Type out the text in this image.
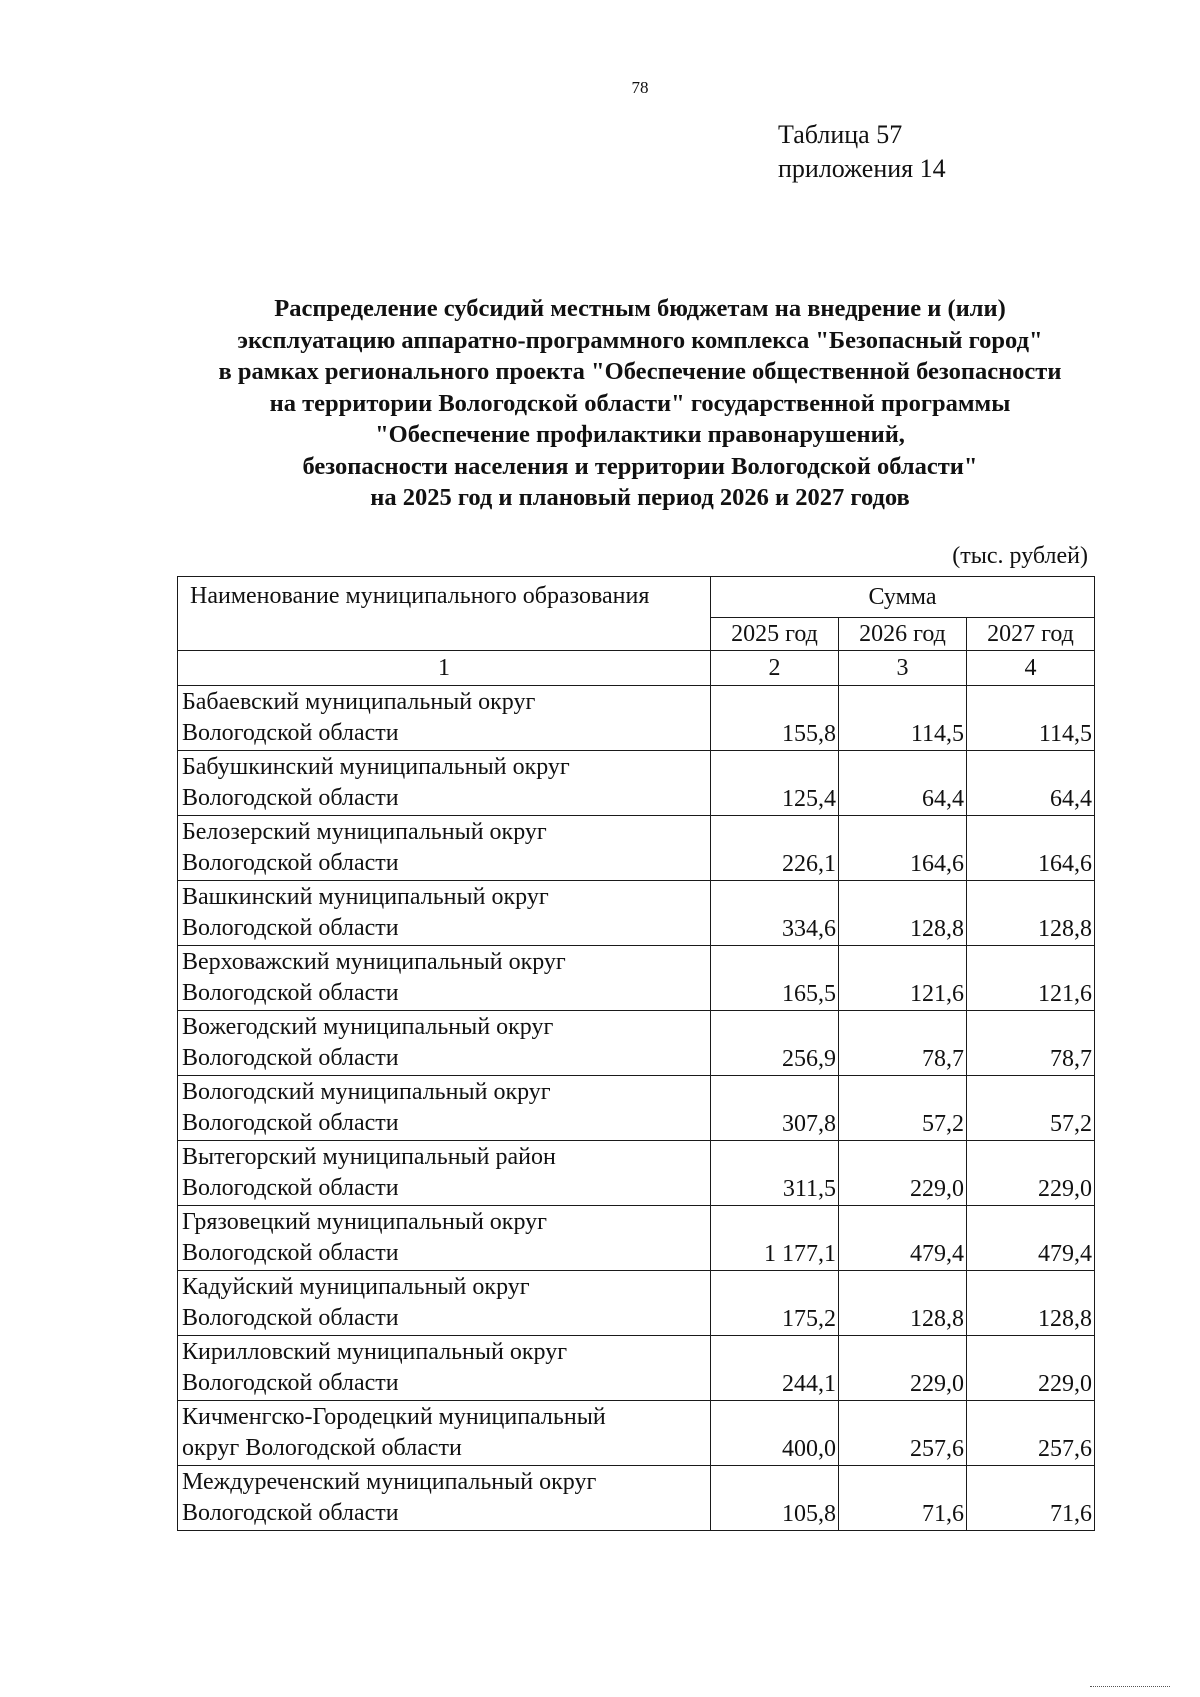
78
Таблица 57
приложения 14
Распределение субсидий местным бюджетам на внедрение и (или)
эксплуатацию аппаратно-программного комплекса "Безопасный город"
в рамках регионального проекта "Обеспечение общественной безопасности
на территории Вологодской области" государственной программы
"Обеспечение профилактики правонарушений,
безопасности населения и территории Вологодской области"
на 2025 год и плановый период 2026 и 2027 годов
(тыс. рублей)
Наименование муниципального образования	Сумма		
	2025 год	2026 год	2027 год
1	2	3	4

Бабаевский муниципальный округ
Вологодской области	155,8	114,5	114,5

Бабушкинский муниципальный округ
Вологодской области	125,4	64,4	64,4

Белозерский муниципальный округ
Вологодской области	226,1	164,6	164,6

Вашкинский муниципальный округ
Вологодской области	334,6	128,8	128,8

Верховажский муниципальный округ
Вологодской области	165,5	121,6	121,6

Вожегодский муниципальный округ
Вологодской области	256,9	78,7	78,7

Вологодский муниципальный округ
Вологодской области	307,8	57,2	57,2

Вытегорский муниципальный район
Вологодской области	311,5	229,0	229,0

Грязовецкий муниципальный округ
Вологодской области	1 177,1	479,4	479,4

Кадуйский муниципальный округ
Вологодской области	175,2	128,8	128,8

Кирилловский муниципальный округ
Вологодской области	244,1	229,0	229,0

Кичменгско-Городецкий муниципальный
округ Вологодской области	400,0	257,6	257,6

Междуреченский муниципальный округ
Вологодской области	105,8	71,6	71,6
